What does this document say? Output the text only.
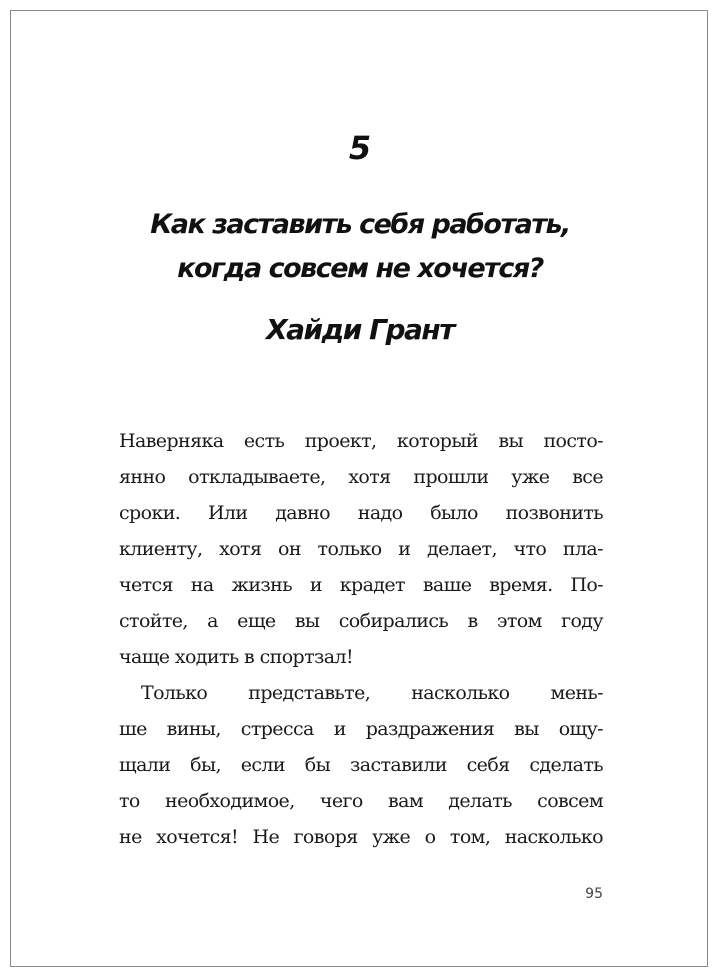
5
Как заставить себя работать,
когда совсем не хочется?
Хайди Грант
Наверняка есть проект, который вы посто-
янно откладываете, хотя прошли уже все
сроки. Или давно надо было позвонить
клиенту, хотя он только и делает, что пла-
чется на жизнь и крадет ваше время. По-
стойте, а еще вы собирались в этом году
чаще ходить в спортзал!
Только представьте, насколько мень-
ше вины, стресса и раздражения вы ощу-
щали бы, если бы заставили себя сделать
то необходимое, чего вам делать совсем
не хочется! Не говоря уже о том, насколько
95
